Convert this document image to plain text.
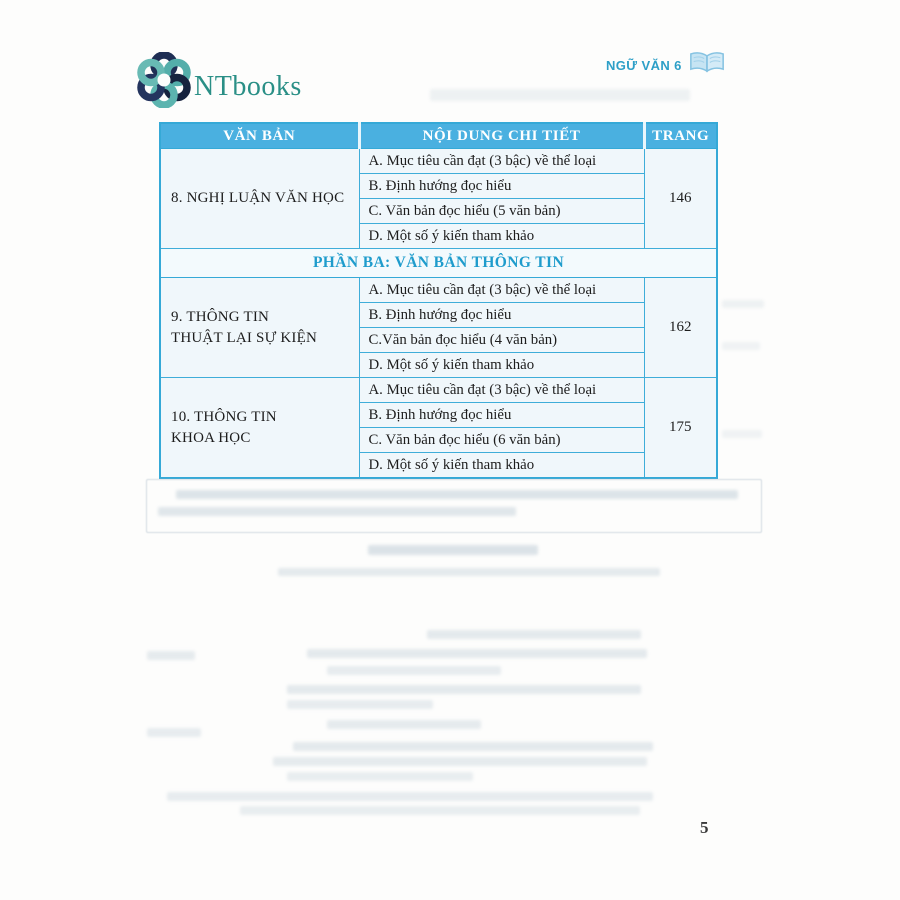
NTbooks
NGỮ VĂN 6
VĂN BẢN	NỘI DUNG CHI TIẾT	TRANG

8. NGHỊ LUẬN VĂN HỌC	A. Mục tiêu cần đạt (3 bậc) về thể loại	146
	B. Định hướng đọc hiểu	
	C. Văn bản đọc hiểu (5 văn bản)	
	D. Một số ý kiến tham khảo	
PHẦN BA: VĂN BẢN THÔNG TIN		

9. THÔNG TIN
THUẬT LẠI SỰ KIỆN	A. Mục tiêu cần đạt (3 bậc) về thể loại	162
	B. Định hướng đọc hiểu	
	C.Văn bản đọc hiểu (4 văn bản)	
	D. Một số ý kiến tham khảo	

10. THÔNG TIN
KHOA HỌC	A. Mục tiêu cần đạt (3 bậc) về thể loại	175
	B. Định hướng đọc hiểu	
	C. Văn bản đọc hiểu (6 văn bản)	
	D. Một số ý kiến tham khảo	
5
